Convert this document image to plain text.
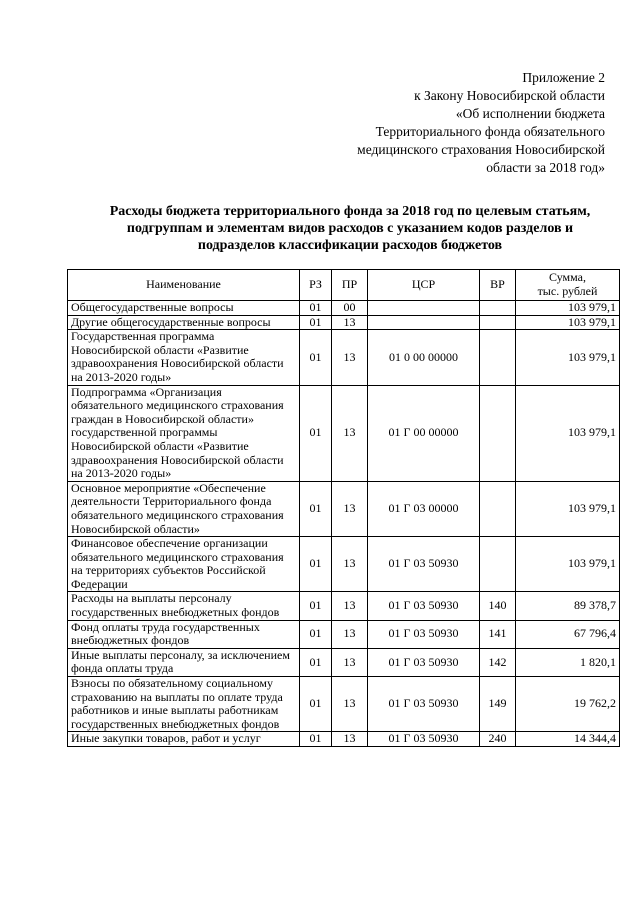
Приложение 2
к Закону Новосибирской области
«Об исполнении бюджета
Территориального фонда обязательного
медицинского страхования Новосибирской
области за 2018 год»
Расходы бюджета территориального фонда за 2018 год по целевым статьям,
подгруппам и элементам видов расходов с указанием кодов разделов и
подразделов классификации расходов бюджетов
Наименование	РЗ	ПР	ЦСР	ВР	Сумма,
тыс. рублей

Общегосударственные вопросы	01	00			103 979,1
Другие общегосударственные вопросы	01	13			103 979,1
Государственная программа Новосибирской области «Развитие здравоохранения Новосибирской области на 2013-2020 годы»	01	13	01 0 00 00000		103 979,1
Подпрограмма «Организация обязательного медицинского страхования граждан в Новосибирской области» государственной программы Новосибирской области «Развитие здравоохранения Новосибирской области на 2013-2020 годы»	01	13	01 Г 00 00000		103 979,1
Основное мероприятие «Обеспечение деятельности Территориального фонда обязательного медицинского страхования Новосибирской области»	01	13	01 Г 03 00000		103 979,1
Финансовое обеспечение организации обязательного медицинского страхования на территориях субъектов Российской Федерации	01	13	01 Г 03 50930		103 979,1
Расходы на выплаты персоналу государственных внебюджетных фондов	01	13	01 Г 03 50930	140	89 378,7
Фонд оплаты труда государственных внебюджетных фондов	01	13	01 Г 03 50930	141	67 796,4
Иные выплаты персоналу, за исключением фонда оплаты труда	01	13	01 Г 03 50930	142	1 820,1
Взносы по обязательному социальному страхованию на выплаты по оплате труда работников и иные выплаты работникам государственных внебюджетных фондов	01	13	01 Г 03 50930	149	19 762,2
Иные закупки товаров, работ и услуг	01	13	01 Г 03 50930	240	14 344,4
